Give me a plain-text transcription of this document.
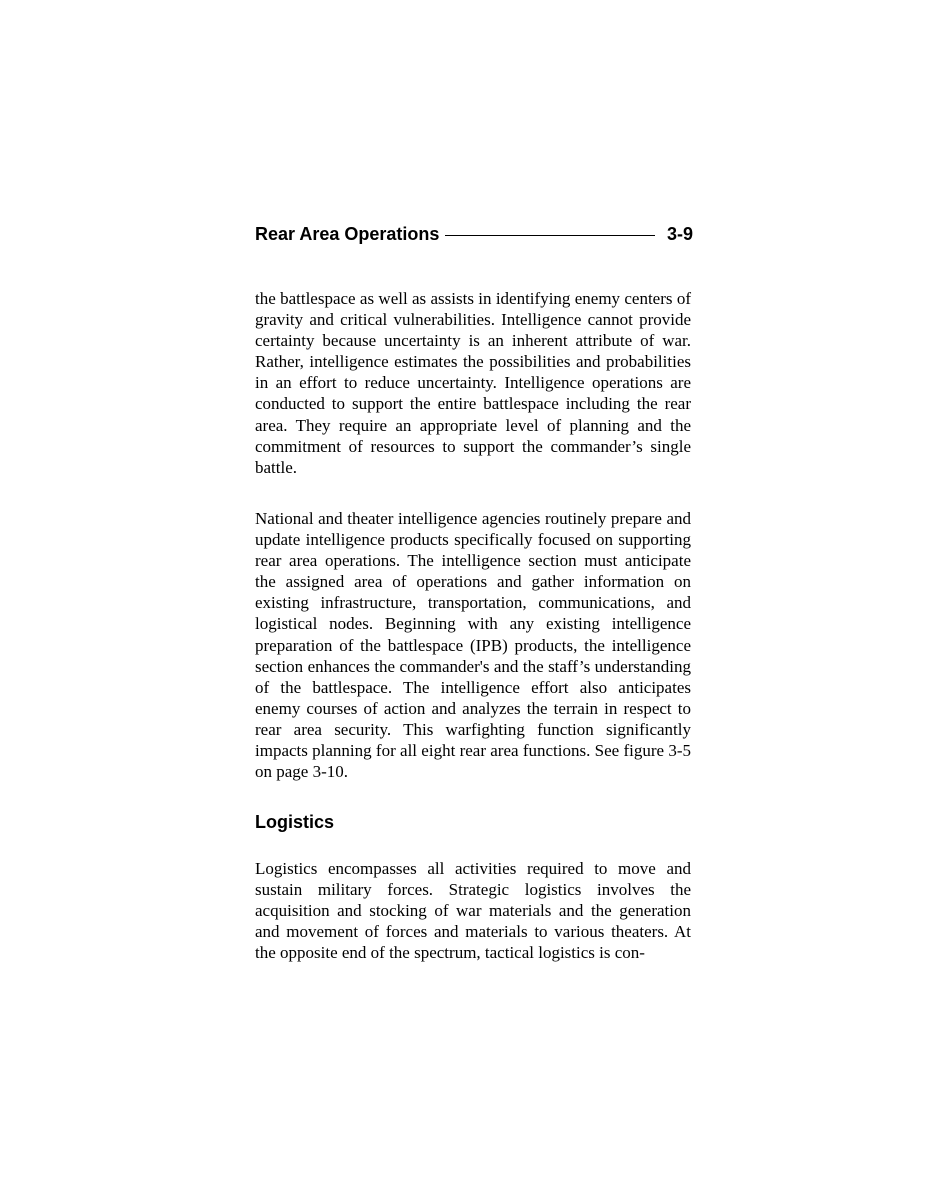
Rear Area Operations	3-9

the battlespace as well as assists in identifying enemy centers of gravity and critical vulnerabilities. Intelligence cannot provide certainty because uncertainty is an inherent attribute of war. Rather, intelligence estimates the possibilities and probabilities in an effort to reduce uncertainty. Intelligence operations are conducted to support the entire battlespace including the rear area. They require an appropriate level of planning and the commitment of resources to support the commander’s single battle.

National and theater intelligence agencies routinely prepare and update intelligence products specifically focused on supporting rear area operations. The intelligence section must anticipate the assigned area of operations and gather information on existing infrastructure, transportation, communications, and logistical nodes. Beginning with any existing intelligence preparation of the battlespace (IPB) products, the intelligence section enhances the commander's and the staff’s understanding of the battlespace. The intelligence effort also anticipates enemy courses of action and analyzes the terrain in respect to rear area security. This warfighting function significantly impacts planning for all eight rear area functions. See figure 3-5 on page 3-10.

Logistics

Logistics encompasses all activities required to move and sustain military forces. Strategic logistics involves the acquisition and stocking of war materials and the generation and movement of forces and materials to various theaters. At the opposite end of the spectrum, tactical logistics is con-
